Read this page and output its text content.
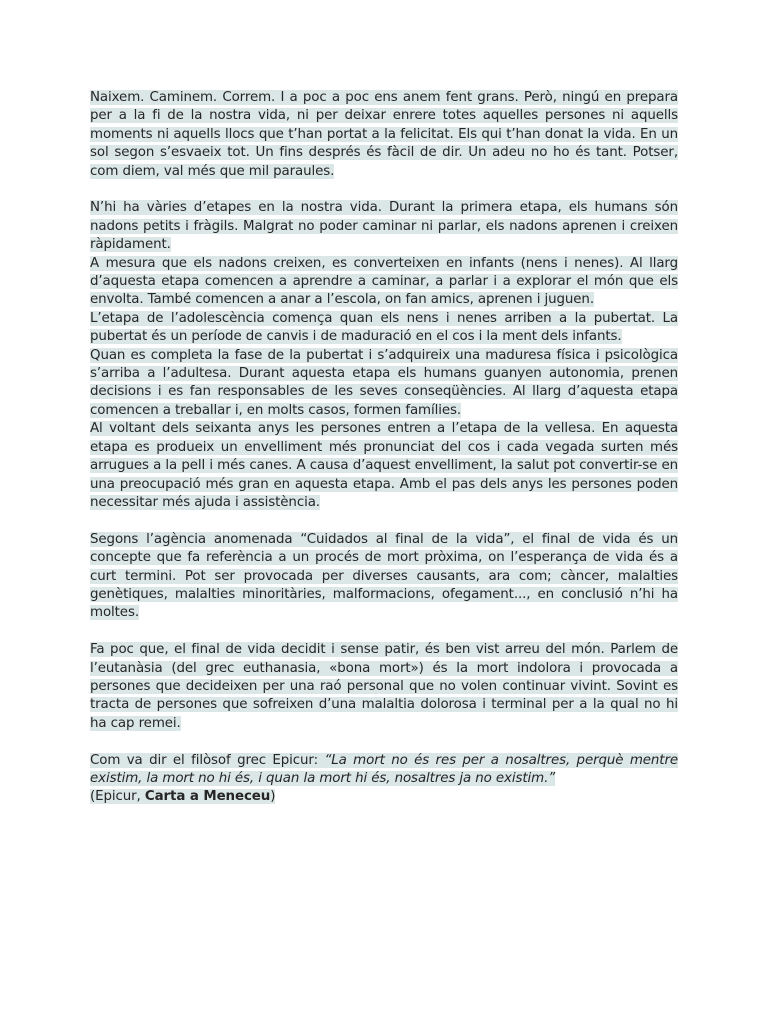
Naixem. Caminem. Correm. I a poc a poc ens anem fent grans. Però, ningú en prepara per a la fi de la nostra vida, ni per deixar enrere totes aquelles persones ni aquells moments ni aquells llocs que t’han portat a la felicitat. Els qui t’han donat la vida. En un sol segon s’esvaeix tot. Un fins després és fàcil de dir. Un adeu no ho és tant. Potser, com diem, val més que mil paraules.

N’hi ha vàries d’etapes en la nostra vida. Durant la primera etapa, els humans són nadons petits i fràgils. Malgrat no poder caminar ni parlar, els nadons aprenen i creixen ràpidament.

A mesura que els nadons creixen, es converteixen en infants (nens i nenes). Al llarg d’aquesta etapa comencen a aprendre a caminar, a parlar i a explorar el món que els envolta. També comencen a anar a l’escola, on fan amics, aprenen i juguen.

L’etapa de l’adolescència comença quan els nens i nenes arriben a la pubertat. La pubertat és un període de canvis i de maduració en el cos i la ment dels infants.

Quan es completa la fase de la pubertat i s’adquireix una maduresa física i psicològica s’arriba a l’adultesa. Durant aquesta etapa els humans guanyen autonomia, prenen decisions i es fan responsables de les seves conseqüències. Al llarg d’aquesta etapa comencen a treballar i, en molts casos, formen famílies.

Al voltant dels seixanta anys les persones entren a l’etapa de la vellesa. En aquesta etapa es produeix un envelliment més pronunciat del cos i cada vegada surten més arrugues a la pell i més canes. A causa d’aquest envelliment, la salut pot convertir-se en una preocupació més gran en aquesta etapa. Amb el pas dels anys les persones poden necessitar més ajuda i assistència.

Segons l’agència anomenada “Cuidados al final de la vida”, el final de vida és un concepte que fa referència a un procés de mort pròxima, on l’esperança de vida és a curt termini. Pot ser provocada per diverses causants, ara com; càncer, malalties genètiques, malalties minoritàries, malformacions, ofegament..., en conclusió n’hi ha moltes.

Fa poc que, el final de vida decidit i sense patir, és ben vist arreu del món. Parlem de l’eutanàsia (del grec euthanasia, «bona mort») és la mort indolora i provocada a persones que decideixen per una raó personal que no volen continuar vivint. Sovint es tracta de persones que sofreixen d’una malaltia dolorosa i terminal per a la qual no hi ha cap remei.

Com va dir el filòsof grec Epicur: “La mort no és res per a nosaltres, perquè mentre existim, la mort no hi és, i quan la mort hi és, nosaltres ja no existim.”
(Epicur, Carta a Meneceu)
